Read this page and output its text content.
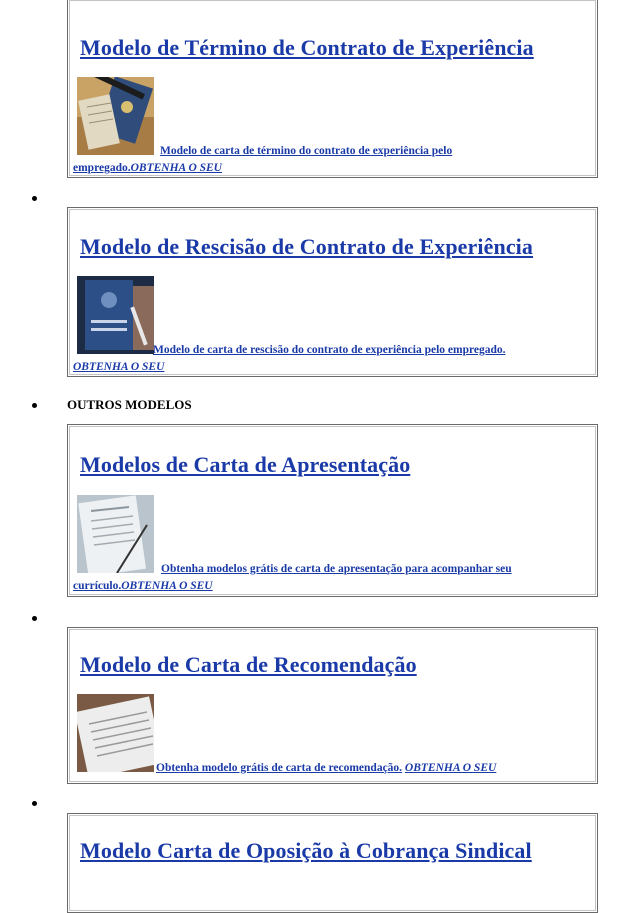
Modelo de Término de Contrato de Experiência
Modelo de carta de término do contrato de experiência pelo
empregado.OBTENHA O SEU
Modelo de Rescisão de Contrato de Experiência
Modelo de carta de rescisão do contrato de experiência pelo empregado.
OBTENHA O SEU
OUTROS MODELOS
Modelos de Carta de Apresentação
Obtenha modelos grátis de carta de apresentação para acompanhar seu
currículo.OBTENHA O SEU
Modelo de Carta de Recomendação
Obtenha modelo grátis de carta de recomendação. OBTENHA O SEU
Modelo Carta de Oposição à Cobrança Sindical
